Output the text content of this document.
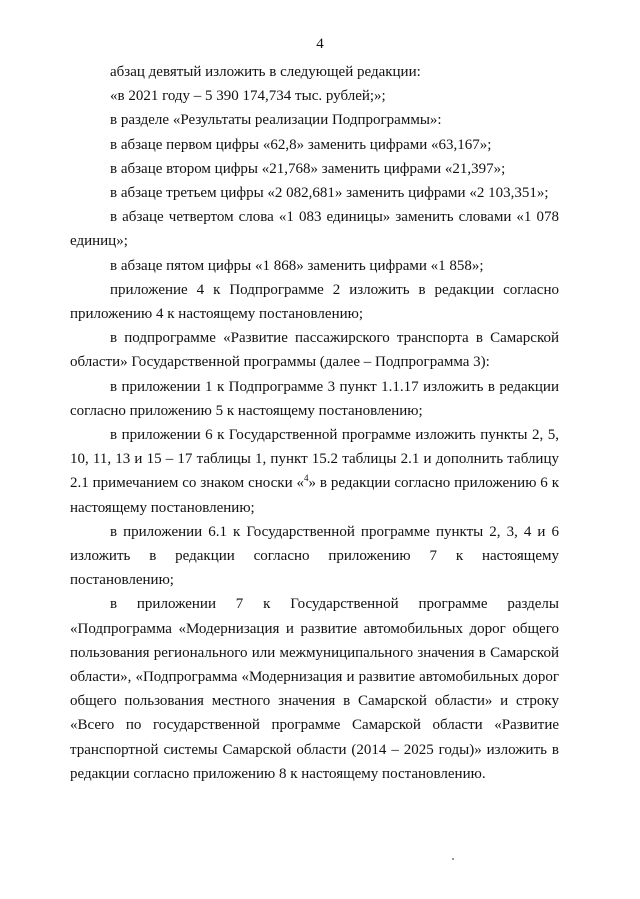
4

абзац девятый изложить в следующей редакции:

«в 2021 году – 5 390 174,734 тыс. рублей;»;

в разделе «Результаты реализации Подпрограммы»:

в абзаце первом цифры «62,8» заменить цифрами «63,167»;

в абзаце втором цифры «21,768» заменить цифрами «21,397»;

в абзаце третьем цифры «2 082,681» заменить цифрами «2 103,351»;

в абзаце четвертом слова «1 083 единицы» заменить словами «1 078 единиц»;

в абзаце пятом цифры «1 868» заменить цифрами «1 858»;

приложение 4 к Подпрограмме 2 изложить в редакции согласно приложению 4 к настоящему постановлению;

в подпрограмме «Развитие пассажирского транспорта в Самарской области» Государственной программы (далее – Подпрограмма 3):

в приложении 1 к Подпрограмме 3 пункт 1.1.17 изложить в редакции согласно приложению 5 к настоящему постановлению;

в приложении 6 к Государственной программе изложить пункты 2, 5, 10, 11, 13 и 15 – 17 таблицы 1, пункт 15.2 таблицы 2.1 и дополнить таблицу 2.1 примечанием со знаком сноски «$^4$» в редакции согласно приложению 6 к настоящему постановлению;

в приложении 6.1 к Государственной программе пункты 2, 3, 4 и 6 изложить в редакции согласно приложению 7 к настоящему постановлению;

в приложении 7 к Государственной программе разделы «Подпрограмма «Модернизация и развитие автомобильных дорог общего пользования регионального или межмуниципального значения в Самарской области», «Подпрограмма «Модернизация и развитие автомобильных дорог общего пользования местного значения в Самарской области» и строку «Всего по государственной программе Самарской области «Развитие транспортной системы Самарской области (2014 – 2025 годы)» изложить в редакции согласно приложению 8 к настоящему постановлению.
